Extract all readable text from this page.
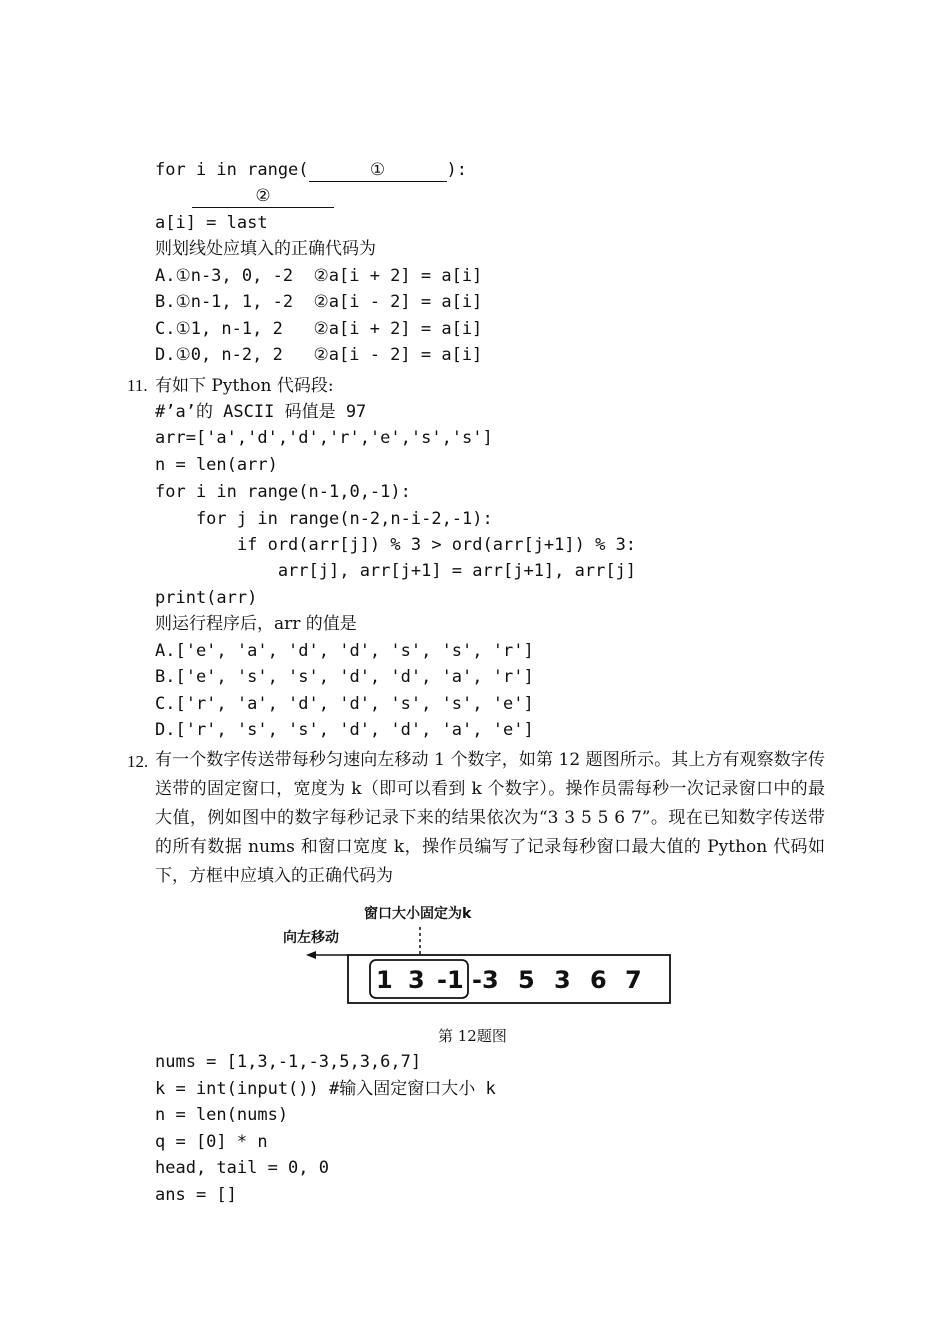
for i in range(	①	):
②
a[i] = last
则划线处应填入的正确代码为
A.①n-3, 0, -2  ②a[i + 2] = a[i]
B.①n-1, 1, -2  ②a[i - 2] = a[i]
C.①1, n-1, 2   ②a[i + 2] = a[i]
D.①0, n-2, 2   ②a[i - 2] = a[i]
11. 有如下 Python 代码段:
#’a’的 ASCII 码值是 97
arr=['a','d','d','r','e','s','s']
n = len(arr)
for i in range(n-1,0,-1):
for j in range(n-2,n-i-2,-1):
if ord(arr[j]) % 3 > ord(arr[j+1]) % 3:
arr[j], arr[j+1] = arr[j+1], arr[j]
print(arr)
则运行程序后，arr 的值是
A.['e', 'a', 'd', 'd', 's', 's', 'r']
B.['e', 's', 's', 'd', 'd', 'a', 'r']
C.['r', 'a', 'd', 'd', 's', 's', 'e']
D.['r', 's', 's', 'd', 'd', 'a', 'e']
12. 有一个数字传送带每秒匀速向左移动 1 个数字，如第 12 题图所示。其上方有观察数字传送带的固定窗口，宽度为 k（即可以看到 k 个数字）。操作员需每秒一次记录窗口中的最大值，例如图中的数字每秒记录下来的结果依次为“3 3 5 5 6 7”。现在已知数字传送带的所有数据 nums 和窗口宽度 k，操作员编写了记录每秒窗口最大值的 Python 代码如下，方框中应填入的正确代码为
窗口大小固定为k
向左移动
1 3 -1 -3 5 3 6 7
第 12题图
nums = [1,3,-1,-3,5,3,6,7]
k = int(input()) #输入固定窗口大小 k
n = len(nums)
q = [0] * n
head, tail = 0, 0
ans = []
